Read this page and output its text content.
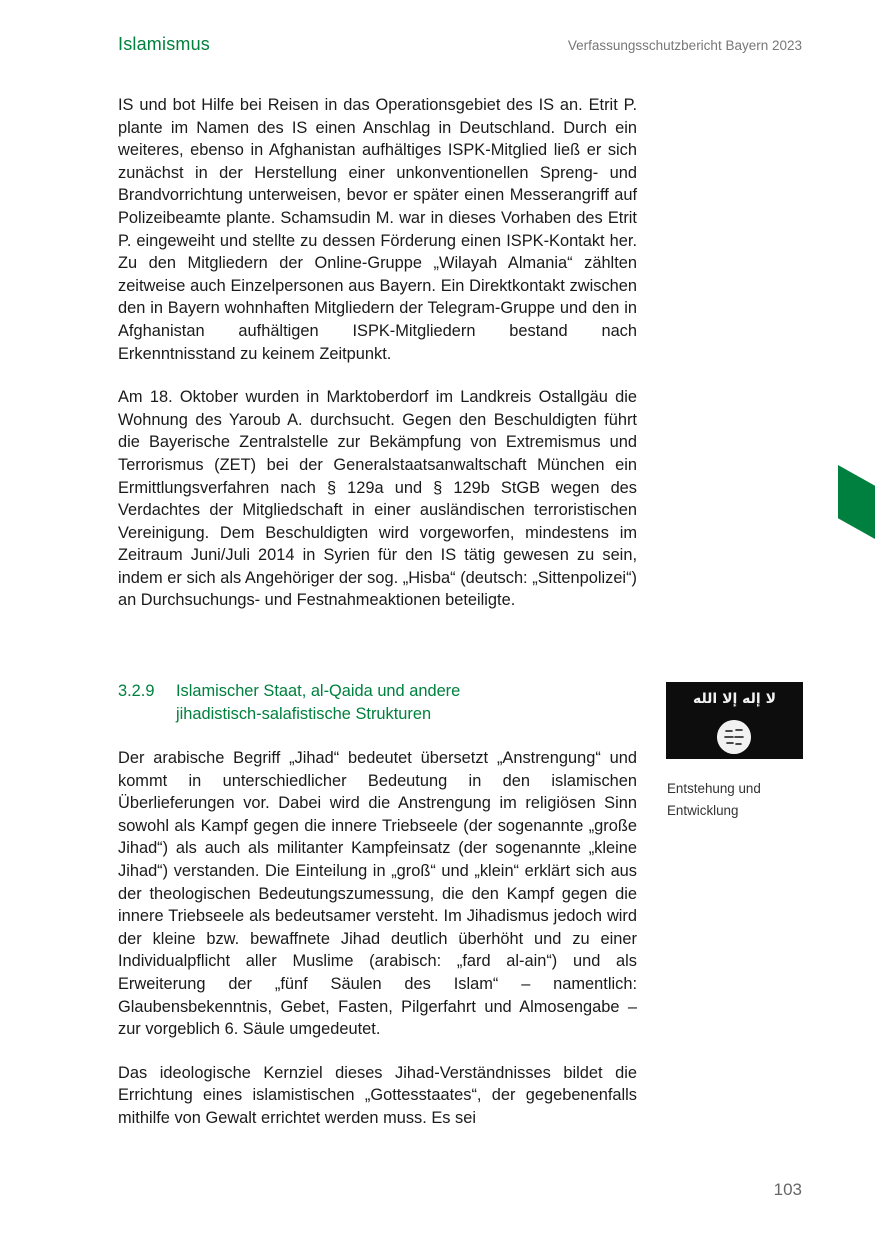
Islamismus	Verfassungsschutzbericht Bayern 2023

IS und bot Hilfe bei Reisen in das Operationsgebiet des IS an. Etrit P. plante im Namen des IS einen Anschlag in Deutschland. Durch ein weiteres, ebenso in Afghanistan aufhältiges ISPK-Mitglied ließ er sich zunächst in der Herstellung einer unkonventionellen Spreng- und Brandvorrichtung unterweisen, bevor er später einen Messerangriff auf Polizeibeamte plante. Schamsudin M. war in dieses Vorhaben des Etrit P. eingeweiht und stellte zu dessen Förderung einen ISPK-Kontakt her. Zu den Mitgliedern der Online-Gruppe „Wilayah Almania“ zählten zeitweise auch Einzelpersonen aus Bayern. Ein Direktkontakt zwischen den in Bayern wohnhaften Mitgliedern der Telegram-Gruppe und den in Afghanistan aufhältigen ISPK-Mitgliedern bestand nach Erkenntnisstand zu keinem Zeitpunkt.

Am 18. Oktober wurden in Marktoberdorf im Landkreis Ostallgäu die Wohnung des Yaroub A. durchsucht. Gegen den Beschuldigten führt die Bayerische Zentralstelle zur Bekämpfung von Extremismus und Terrorismus (ZET) bei der Generalstaatsanwaltschaft München ein Ermittlungsverfahren nach § 129a und § 129b StGB wegen des Verdachtes der Mitgliedschaft in einer ausländischen terroristischen Vereinigung. Dem Beschuldigten wird vorgeworfen, mindestens im Zeitraum Juni/Juli 2014 in Syrien für den IS tätig gewesen zu sein, indem er sich als Angehöriger der sog. „Hisba“ (deutsch: „Sittenpolizei“) an Durchsuchungs- und Festnahmeaktionen beteiligte.

3.2.9 Islamischer Staat, al-Qaida und andere
jihadistisch-salafistische Strukturen

Der arabische Begriff „Jihad“ bedeutet übersetzt „Anstrengung“ und kommt in unterschiedlicher Bedeutung in den islamischen Überlieferungen vor. Dabei wird die Anstrengung im religiösen Sinn sowohl als Kampf gegen die innere Triebseele (der sogenannte „große Jihad“) als auch als militanter Kampfeinsatz (der sogenannte „kleine Jihad“) verstanden. Die Einteilung in „groß“ und „klein“ erklärt sich aus der theologischen Bedeutungszumessung, die den Kampf gegen die innere Triebseele als bedeutsamer versteht. Im Jihadismus jedoch wird der kleine bzw. bewaffnete Jihad deutlich überhöht und zu einer Individualpflicht aller Muslime (arabisch: „fard al-ain“) und als Erweiterung der „fünf Säulen des Islam“ – namentlich: Glaubensbekenntnis, Gebet, Fasten, Pilgerfahrt und Almosengabe – zur vorgeblich 6. Säule umgedeutet.

Das ideologische Kernziel dieses Jihad-Verständnisses bildet die Errichtung eines islamistischen „Gottesstaates“, der gegebenenfalls mithilfe von Gewalt errichtet werden muss. Es sei

لا إله إلا الله
Entstehung und Entwicklung
103
